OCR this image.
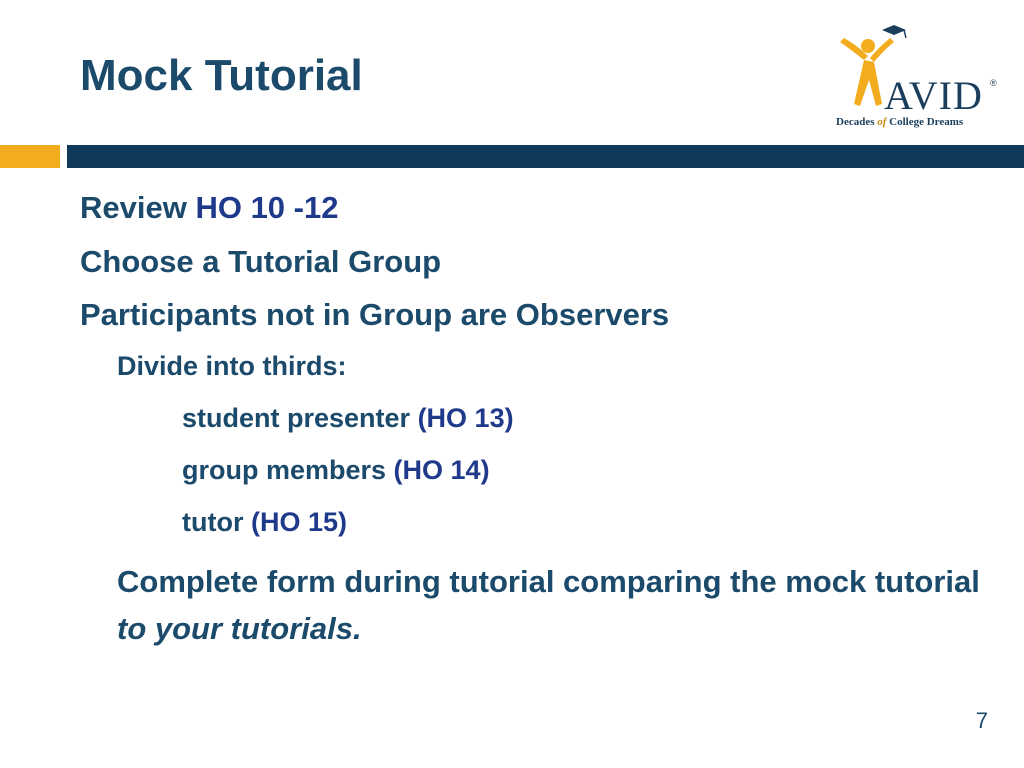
Mock Tutorial	AVID ®
Decades of College Dreams
Review HO 10 -12
Choose a Tutorial Group
Participants not in Group are Observers
Divide into thirds:
student presenter (HO 13)
group members (HO 14)
tutor (HO 15)
Complete form during tutorial comparing the mock tutorial to your tutorials.
7
